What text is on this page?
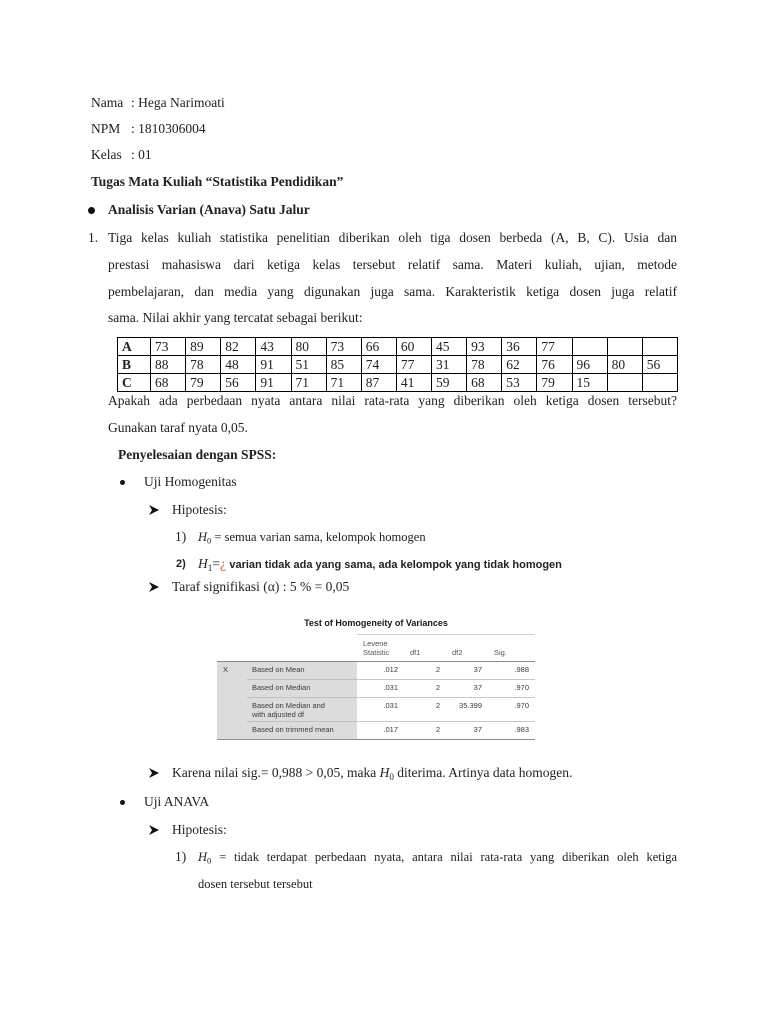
Nama : Hega Narimoati
NPM : 1810306004
Kelas : 01
Tugas Mata Kuliah “Statistika Pendidikan”
Analisis Varian (Anava) Satu Jalur
1. Tiga kelas kuliah statistika penelitian diberikan oleh tiga dosen berbeda (A, B, C). Usia dan
prestasi mahasiswa dari ketiga kelas tersebut relatif sama. Materi kuliah, ujian, metode
pembelajaran, dan media yang digunakan juga sama. Karakteristik ketiga dosen juga relatif
sama. Nilai akhir yang tercatat sebagai berikut:
A	73	89	82	43	80	73	66	60	45	93	36	77			
B	88	78	48	91	51	85	74	77	31	78	62	76	96	80	56
C	68	79	56	91	71	71	87	41	59	68	53	79	15		
Apakah ada perbedaan nyata antara nilai rata-rata yang diberikan oleh ketiga dosen tersebut?
Gunakan taraf nyata 0,05.
Penyelesaian dengan SPSS:
Uji Homogenitas
Hipotesis:
1) $H_0$ = semua varian sama, kelompok homogen
2) $H_1=¿$ varian tidak ada yang sama, ada kelompok yang tidak homogen
Taraf signifikasi (α) : 5 % = 0,05
Test of Homogeneity of Variances
		Levene Statistic	df1	df2	Sig.
X	Based on Mean	.012	2	37	.988
	Based on Median	.031	2	37	.970
	Based on Median and with adjusted df	.031	2	35.399	.970
	Based on trimmed mean	.017	2	37	.983
Karena nilai sig.= 0,988 > 0,05, maka $H_0$ diterima. Artinya data homogen.
Uji ANAVA
Hipotesis:
1) $H_0$ = tidak terdapat perbedaan nyata, antara nilai rata-rata yang diberikan oleh ketiga
dosen tersebut tersebut
